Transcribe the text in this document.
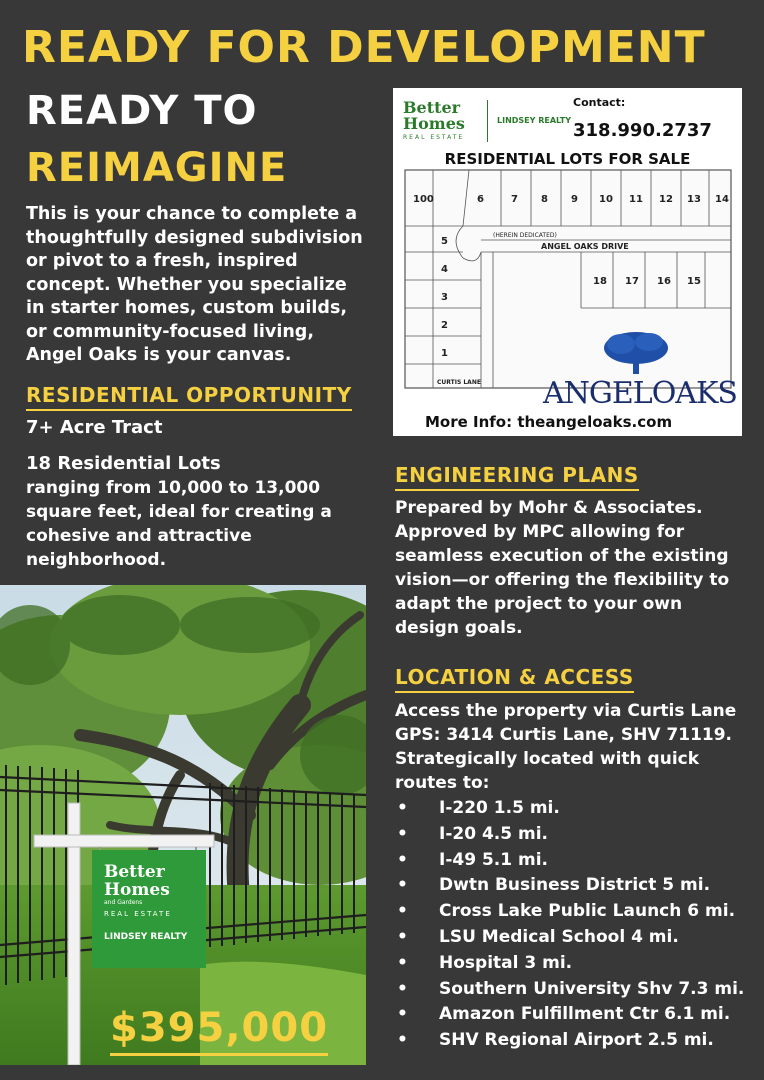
READY FOR DEVELOPMENT
READY TO
REIMAGINE
This is your chance to complete a thoughtfully designed subdivision or pivot to a fresh, inspired concept. Whether you specialize in starter homes, custom builds, or community-focused living, Angel Oaks is your canvas.
RESIDENTIAL OPPORTUNITY
7+ Acre Tract
18 Residential Lots
ranging from 10,000 to 13,000 square feet, ideal for creating a cohesive and attractive neighborhood.
Better
Homes
REAL ESTATE
LINDSEY REALTY
Contact:
318.990.2737
RESIDENTIAL LOTS FOR SALE
100	6	7 8 9 10 11 12 13 14
5
4
3
2
1
18 17 16 15
(HEREIN DEDICATED)
ANGEL OAKS DRIVE
CURTIS LANE ANGELOAKS
More Info: theangeloaks.com
ENGINEERING PLANS
Prepared by Mohr & Associates. Approved by MPC allowing for seamless execution of the existing vision—or offering the flexibility to adapt the project to your own design goals.
LOCATION & ACCESS
Access the property via Curtis Lane GPS: 3414 Curtis Lane, SHV 71119. Strategically located with quick routes to:
•	I-220 1.5 mi.
•	I-20 4.5 mi.
•	I-49 5.1 mi.
•	Dwtn Business District 5 mi.
•	Cross Lake Public Launch 6 mi.
•	LSU Medical School 4 mi.
•	Hospital 3 mi.
•	Southern University Shv 7.3 mi.
•	Amazon Fulfillment Ctr 6.1 mi.
•	SHV Regional Airport 2.5 mi.
Better
Homes
and Gardens
REAL ESTATE
LINDSEY REALTY
$395,000
